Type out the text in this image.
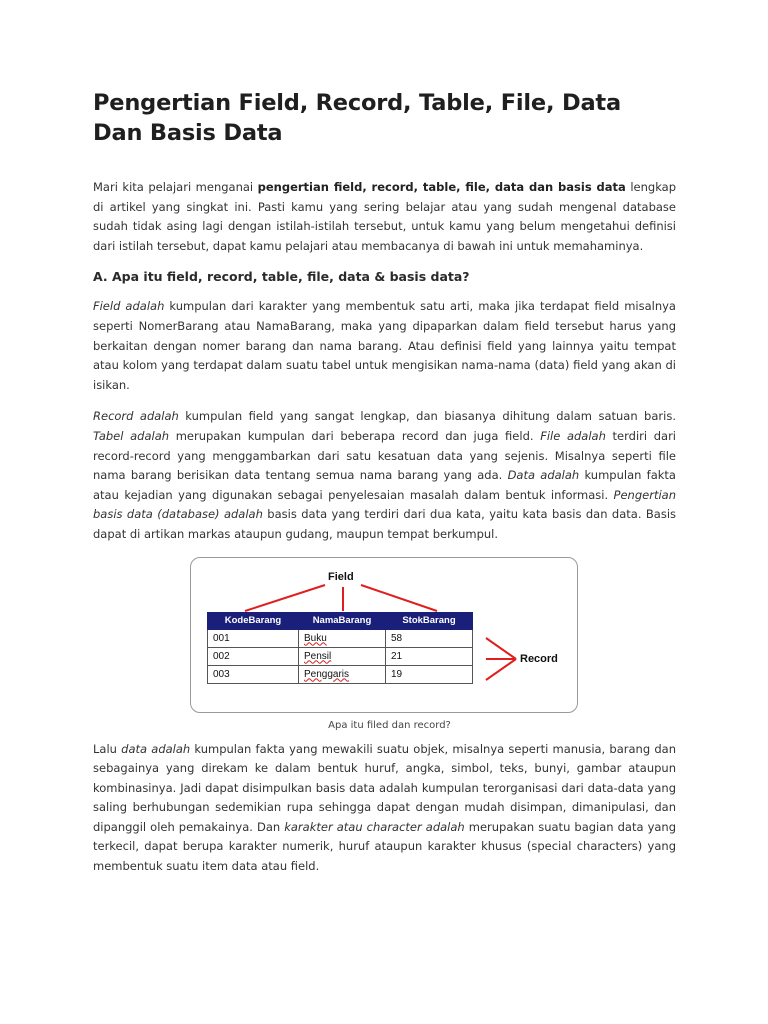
Pengertian Field, Record, Table, File, Data
Dan Basis Data

Mari kita pelajari menganai pengertian field, record, table, file, data dan basis data lengkap di artikel yang singkat ini. Pasti kamu yang sering belajar atau yang sudah mengenal database sudah tidak asing lagi dengan istilah-istilah tersebut, untuk kamu yang belum mengetahui definisi dari istilah tersebut, dapat kamu pelajari atau membacanya di bawah ini untuk memahaminya.

A. Apa itu field, record, table, file, data & basis data?

Field adalah kumpulan dari karakter yang membentuk satu arti, maka jika terdapat field misalnya seperti NomerBarang atau NamaBarang, maka yang dipaparkan dalam field tersebut harus yang berkaitan dengan nomer barang dan nama barang. Atau definisi field yang lainnya yaitu tempat atau kolom yang terdapat dalam suatu tabel untuk mengisikan nama-nama (data) field yang akan di isikan.

Record adalah kumpulan field yang sangat lengkap, dan biasanya dihitung dalam satuan baris. Tabel adalah merupakan kumpulan dari beberapa record dan juga field. File adalah terdiri dari record-record yang menggambarkan dari satu kesatuan data yang sejenis. Misalnya seperti file nama barang berisikan data tentang semua nama barang yang ada. Data adalah kumpulan fakta atau kejadian yang digunakan sebagai penyelesaian masalah dalam bentuk informasi. Pengertian basis data (database) adalah basis data yang terdiri dari dua kata, yaitu kata basis dan data. Basis dapat di artikan markas ataupun gudang, maupun tempat berkumpul.

Field
Record
KodeBarang	NamaBarang	StokBarang
001	Buku	58
002	Pensil	21
003	Penggaris	19
Apa itu filed dan record?

Lalu data adalah kumpulan fakta yang mewakili suatu objek, misalnya seperti manusia, barang dan sebagainya yang direkam ke dalam bentuk huruf, angka, simbol, teks, bunyi, gambar ataupun kombinasinya. Jadi dapat disimpulkan basis data adalah kumpulan terorganisasi dari data-data yang saling berhubungan sedemikian rupa sehingga dapat dengan mudah disimpan, dimanipulasi, dan dipanggil oleh pemakainya. Dan karakter atau character adalah merupakan suatu bagian data yang terkecil, dapat berupa karakter numerik, huruf ataupun karakter khusus (special characters) yang membentuk suatu item data atau field.
